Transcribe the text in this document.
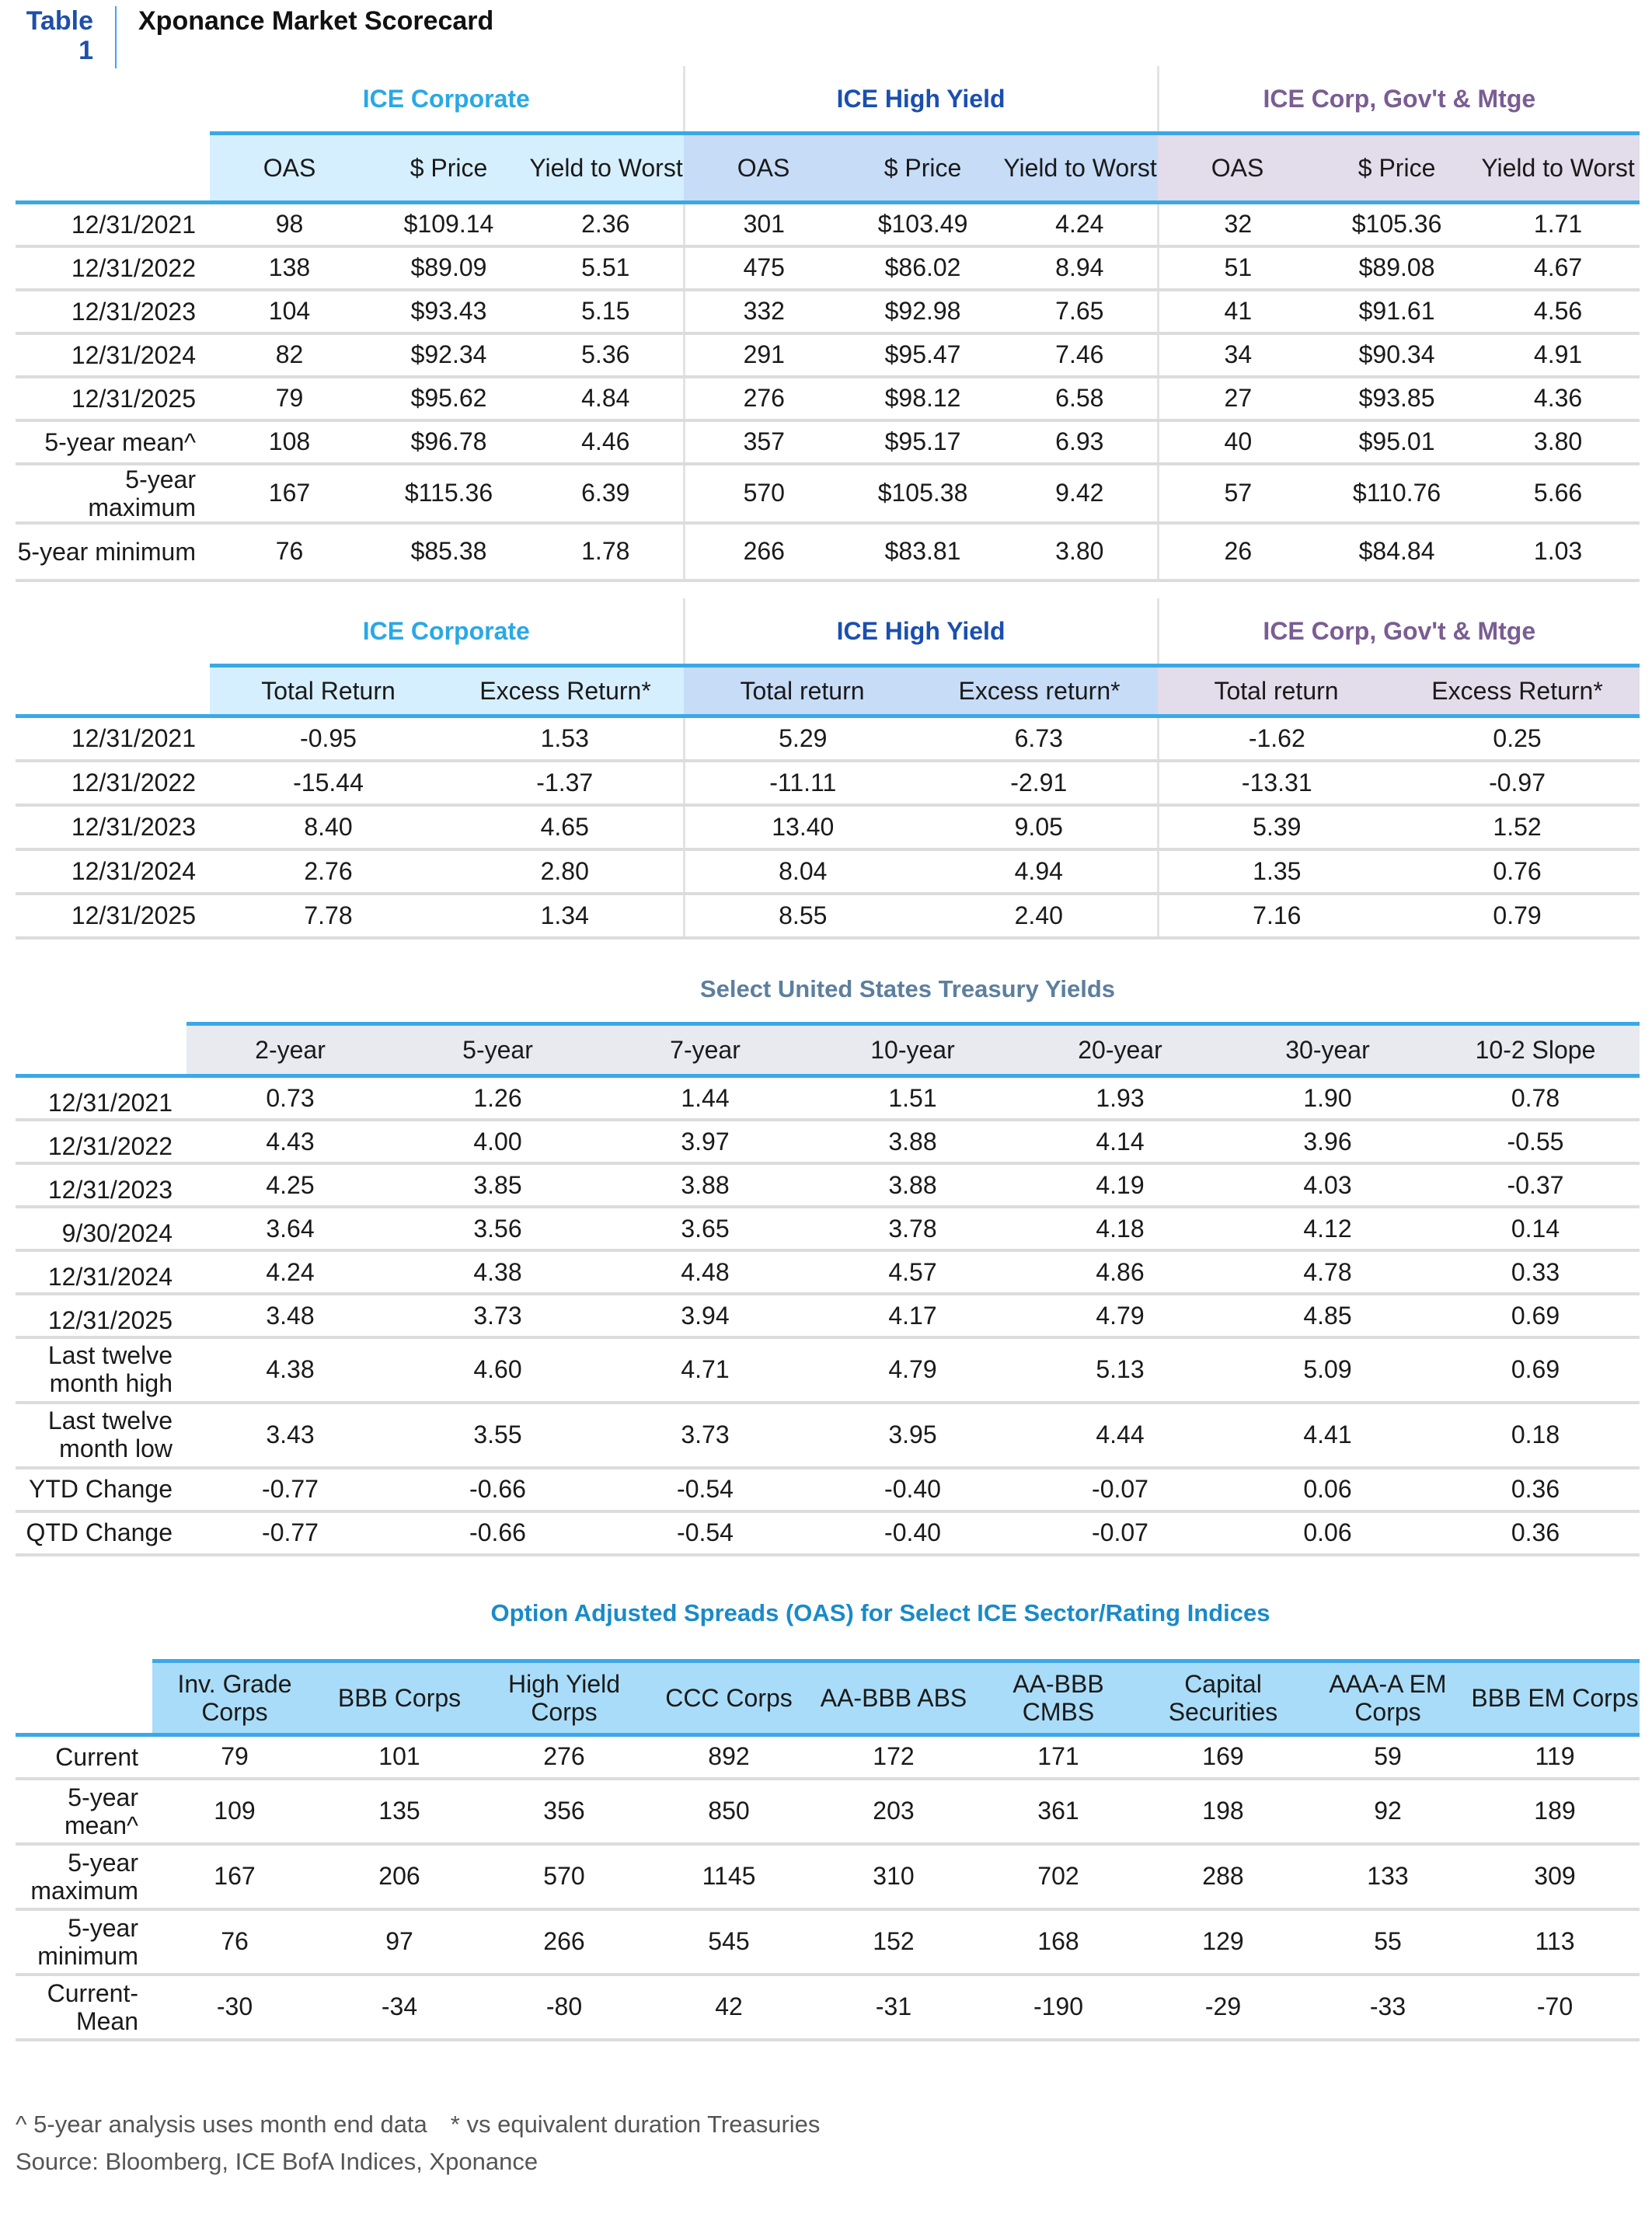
Table 1
Xponance Market Scorecard
	ICE Corporate			ICE High Yield			ICE Corp, Gov't & Mtge		
	OAS	$ Price	Yield to Worst	OAS	$ Price	Yield to Worst	OAS	$ Price	Yield to Worst
12/31/2021	98	$109.14	2.36	301	$103.49	4.24	32	$105.36	1.71
12/31/2022	138	$89.09	5.51	475	$86.02	8.94	51	$89.08	4.67
12/31/2023	104	$93.43	5.15	332	$92.98	7.65	41	$91.61	4.56
12/31/2024	82	$92.34	5.36	291	$95.47	7.46	34	$90.34	4.91
12/31/2025	79	$95.62	4.84	276	$98.12	6.58	27	$93.85	4.36
5-year mean^	108	$96.78	4.46	357	$95.17	6.93	40	$95.01	3.80
5-year maximum	167	$115.36	6.39	570	$105.38	9.42	57	$110.76	5.66
5-year minimum	76	$85.38	1.78	266	$83.81	3.80	26	$84.84	1.03
	ICE Corporate		ICE High Yield		ICE Corp, Gov't & Mtge	
	Total Return	Excess Return*	Total return	Excess return*	Total return	Excess Return*
12/31/2021	-0.95	1.53	5.29	6.73	-1.62	0.25
12/31/2022	-15.44	-1.37	-11.11	-2.91	-13.31	-0.97
12/31/2023	8.40	4.65	13.40	9.05	5.39	1.52
12/31/2024	2.76	2.80	8.04	4.94	1.35	0.76
12/31/2025	7.78	1.34	8.55	2.40	7.16	0.79
Select United States Treasury Yields
	2-year	5-year	7-year	10-year	20-year	30-year	10-2 Slope
12/31/2021	0.73	1.26	1.44	1.51	1.93	1.90	0.78
12/31/2022	4.43	4.00	3.97	3.88	4.14	3.96	-0.55
12/31/2023	4.25	3.85	3.88	3.88	4.19	4.03	-0.37
9/30/2024	3.64	3.56	3.65	3.78	4.18	4.12	0.14
12/31/2024	4.24	4.38	4.48	4.57	4.86	4.78	0.33
12/31/2025	3.48	3.73	3.94	4.17	4.79	4.85	0.69
Last twelve month high	4.38	4.60	4.71	4.79	5.13	5.09	0.69
Last twelve month low	3.43	3.55	3.73	3.95	4.44	4.41	0.18
YTD Change	-0.77	-0.66	-0.54	-0.40	-0.07	0.06	0.36
QTD Change	-0.77	-0.66	-0.54	-0.40	-0.07	0.06	0.36
Option Adjusted Spreads (OAS) for Select ICE Sector/Rating Indices
	Inv. Grade Corps	BBB Corps	High Yield Corps	CCC Corps	AA-BBB ABS	AA-BBB CMBS	Capital Securities	AAA-A EM Corps	BBB EM Corps
Current	79	101	276	892	172	171	169	59	119
5-year mean^	109	135	356	850	203	361	198	92	189
5-year maximum	167	206	570	1145	310	702	288	133	309
5-year minimum	76	97	266	545	152	168	129	55	113
Current-Mean	-30	-34	-80	42	-31	-190	-29	-33	-70
^ 5-year analysis uses month end data * vs equivalent duration Treasuries
Source: Bloomberg, ICE BofA Indices, Xponance
